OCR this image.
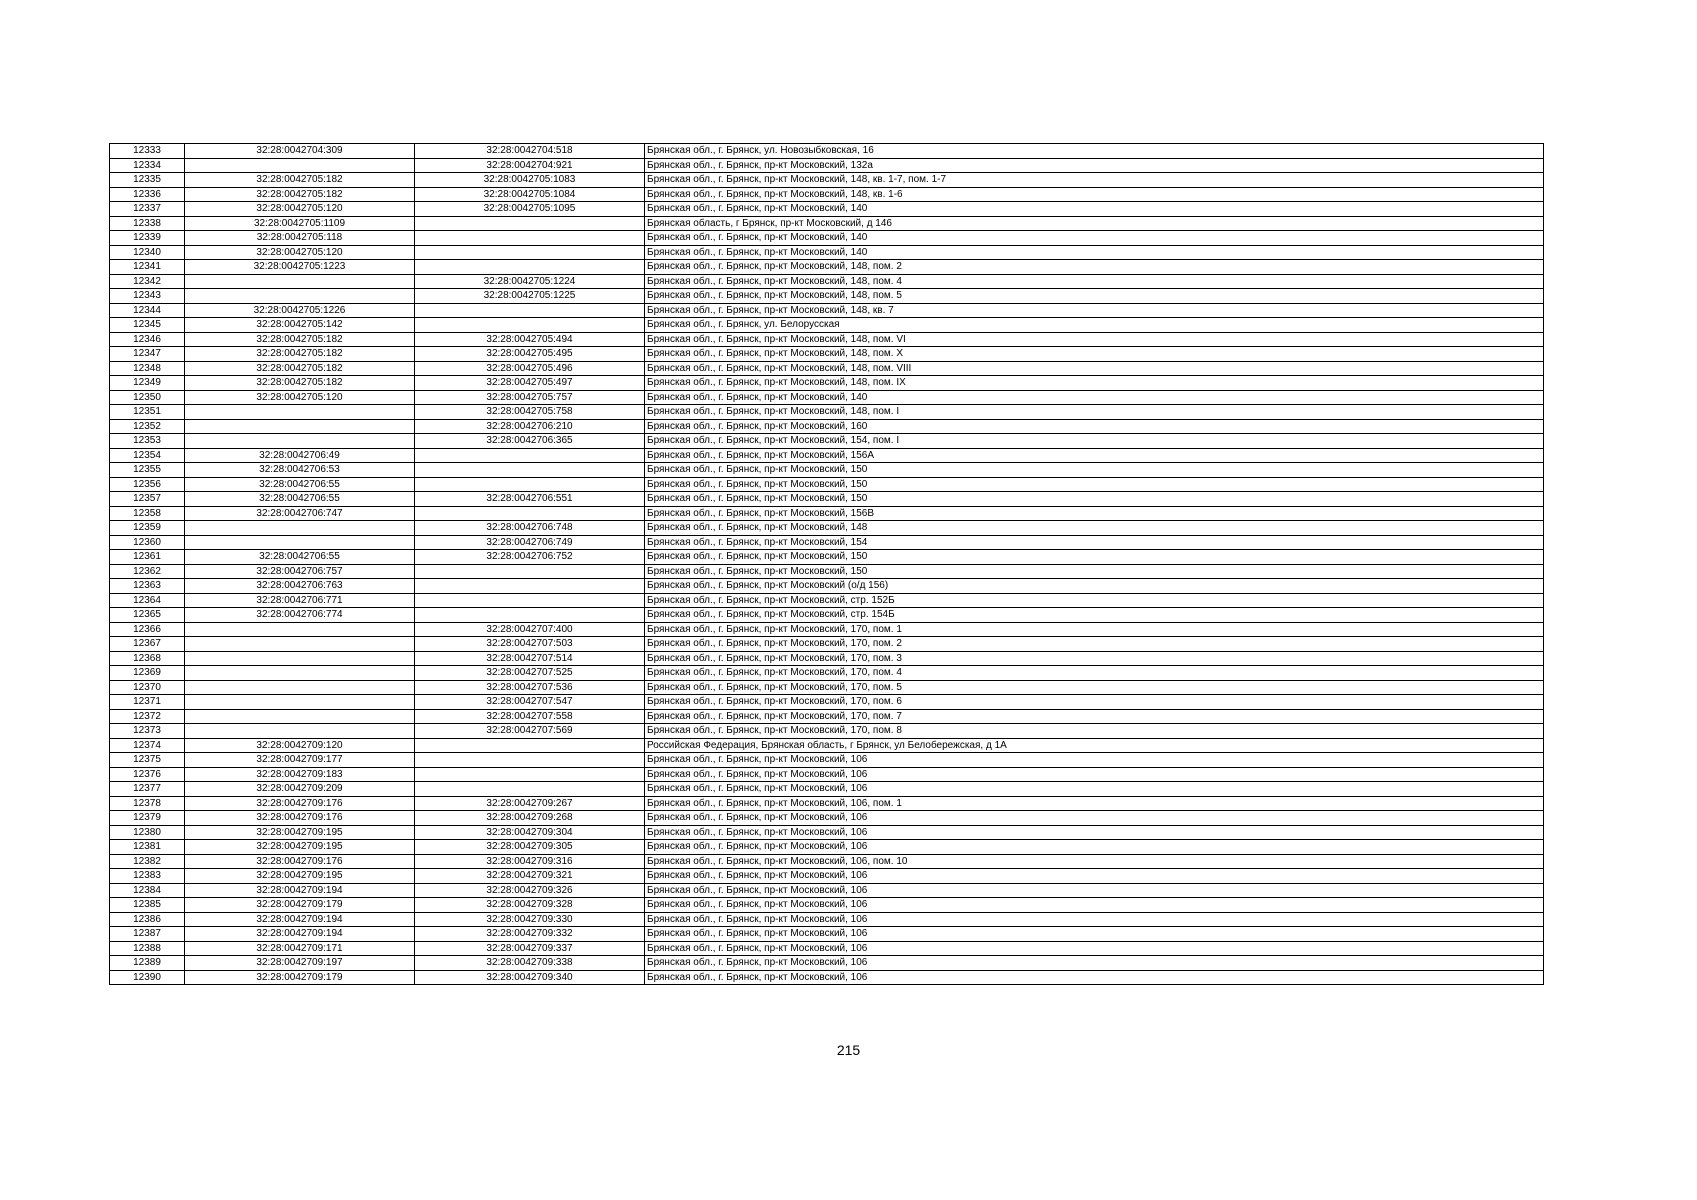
12333	32:28:0042704:309	32:28:0042704:518	Брянская обл., г. Брянск, ул. Новозыбковская, 16
12334		32:28:0042704:921	Брянская обл., г. Брянск, пр-кт Московский, 132а
12335	32:28:0042705:182	32:28:0042705:1083	Брянская обл., г. Брянск, пр-кт Московский, 148, кв. 1-7, пом. 1-7
12336	32:28:0042705:182	32:28:0042705:1084	Брянская обл., г. Брянск, пр-кт Московский, 148, кв. 1-6
12337	32:28:0042705:120	32:28:0042705:1095	Брянская обл., г. Брянск, пр-кт Московский, 140
12338	32:28:0042705:1109		Брянская область, г Брянск, пр-кт Московский, д 146
12339	32:28:0042705:118		Брянская обл., г. Брянск, пр-кт Московский, 140
12340	32:28:0042705:120		Брянская обл., г. Брянск, пр-кт Московский, 140
12341	32:28:0042705:1223		Брянская обл., г. Брянск, пр-кт Московский, 148, пом. 2
12342		32:28:0042705:1224	Брянская обл., г. Брянск, пр-кт Московский, 148, пом. 4
12343		32:28:0042705:1225	Брянская обл., г. Брянск, пр-кт Московский, 148, пом. 5
12344	32:28:0042705:1226		Брянская обл., г. Брянск, пр-кт Московский, 148, кв. 7
12345	32:28:0042705:142		Брянская обл., г. Брянск, ул. Белорусская
12346	32:28:0042705:182	32:28:0042705:494	Брянская обл., г. Брянск, пр-кт Московский, 148, пом. VI
12347	32:28:0042705:182	32:28:0042705:495	Брянская обл., г. Брянск, пр-кт Московский, 148, пом. X
12348	32:28:0042705:182	32:28:0042705:496	Брянская обл., г. Брянск, пр-кт Московский, 148, пом. VIII
12349	32:28:0042705:182	32:28:0042705:497	Брянская обл., г. Брянск, пр-кт Московский, 148, пом. IX
12350	32:28:0042705:120	32:28:0042705:757	Брянская обл., г. Брянск, пр-кт Московский, 140
12351		32:28:0042705:758	Брянская обл., г. Брянск, пр-кт Московский, 148, пом. I
12352		32:28:0042706:210	Брянская обл., г. Брянск, пр-кт Московский, 160
12353		32:28:0042706:365	Брянская обл., г. Брянск, пр-кт Московский, 154, пом. I
12354	32:28:0042706:49		Брянская обл., г. Брянск, пр-кт Московский, 156А
12355	32:28:0042706:53		Брянская обл., г. Брянск, пр-кт Московский, 150
12356	32:28:0042706:55		Брянская обл., г. Брянск, пр-кт Московский, 150
12357	32:28:0042706:55	32:28:0042706:551	Брянская обл., г. Брянск, пр-кт Московский, 150
12358	32:28:0042706:747		Брянская обл., г. Брянск, пр-кт Московский, 156В
12359		32:28:0042706:748	Брянская обл., г. Брянск, пр-кт Московский, 148
12360		32:28:0042706:749	Брянская обл., г. Брянск, пр-кт Московский, 154
12361	32:28:0042706:55	32:28:0042706:752	Брянская обл., г. Брянск, пр-кт Московский, 150
12362	32:28:0042706:757		Брянская обл., г. Брянск, пр-кт Московский, 150
12363	32:28:0042706:763		Брянская обл., г. Брянск, пр-кт Московский (о/д 156)
12364	32:28:0042706:771		Брянская обл., г. Брянск, пр-кт Московский, стр. 152Б
12365	32:28:0042706:774		Брянская обл., г. Брянск, пр-кт Московский, стр. 154Б
12366		32:28:0042707:400	Брянская обл., г. Брянск, пр-кт Московский, 170, пом. 1
12367		32:28:0042707:503	Брянская обл., г. Брянск, пр-кт Московский, 170, пом. 2
12368		32:28:0042707:514	Брянская обл., г. Брянск, пр-кт Московский, 170, пом. 3
12369		32:28:0042707:525	Брянская обл., г. Брянск, пр-кт Московский, 170, пом. 4
12370		32:28:0042707:536	Брянская обл., г. Брянск, пр-кт Московский, 170, пом. 5
12371		32:28:0042707:547	Брянская обл., г. Брянск, пр-кт Московский, 170, пом. 6
12372		32:28:0042707:558	Брянская обл., г. Брянск, пр-кт Московский, 170, пом. 7
12373		32:28:0042707:569	Брянская обл., г. Брянск, пр-кт Московский, 170, пом. 8
12374	32:28:0042709:120		Российская Федерация, Брянская область, г Брянск, ул Белобережская, д 1А
12375	32:28:0042709:177		Брянская обл., г. Брянск, пр-кт Московский, 106
12376	32:28:0042709:183		Брянская обл., г. Брянск, пр-кт Московский, 106
12377	32:28:0042709:209		Брянская обл., г. Брянск, пр-кт Московский, 106
12378	32:28:0042709:176	32:28:0042709:267	Брянская обл., г. Брянск, пр-кт Московский, 106, пом. 1
12379	32:28:0042709:176	32:28:0042709:268	Брянская обл., г. Брянск, пр-кт Московский, 106
12380	32:28:0042709:195	32:28:0042709:304	Брянская обл., г. Брянск, пр-кт Московский, 106
12381	32:28:0042709:195	32:28:0042709:305	Брянская обл., г. Брянск, пр-кт Московский, 106
12382	32:28:0042709:176	32:28:0042709:316	Брянская обл., г. Брянск, пр-кт Московский, 106, пом. 10
12383	32:28:0042709:195	32:28:0042709:321	Брянская обл., г. Брянск, пр-кт Московский, 106
12384	32:28:0042709:194	32:28:0042709:326	Брянская обл., г. Брянск, пр-кт Московский, 106
12385	32:28:0042709:179	32:28:0042709:328	Брянская обл., г. Брянск, пр-кт Московский, 106
12386	32:28:0042709:194	32:28:0042709:330	Брянская обл., г. Брянск, пр-кт Московский, 106
12387	32:28:0042709:194	32:28:0042709:332	Брянская обл., г. Брянск, пр-кт Московский, 106
12388	32:28:0042709:171	32:28:0042709:337	Брянская обл., г. Брянск, пр-кт Московский, 106
12389	32:28:0042709:197	32:28:0042709:338	Брянская обл., г. Брянск, пр-кт Московский, 106
12390	32:28:0042709:179	32:28:0042709:340	Брянская обл., г. Брянск, пр-кт Московский, 106
215
